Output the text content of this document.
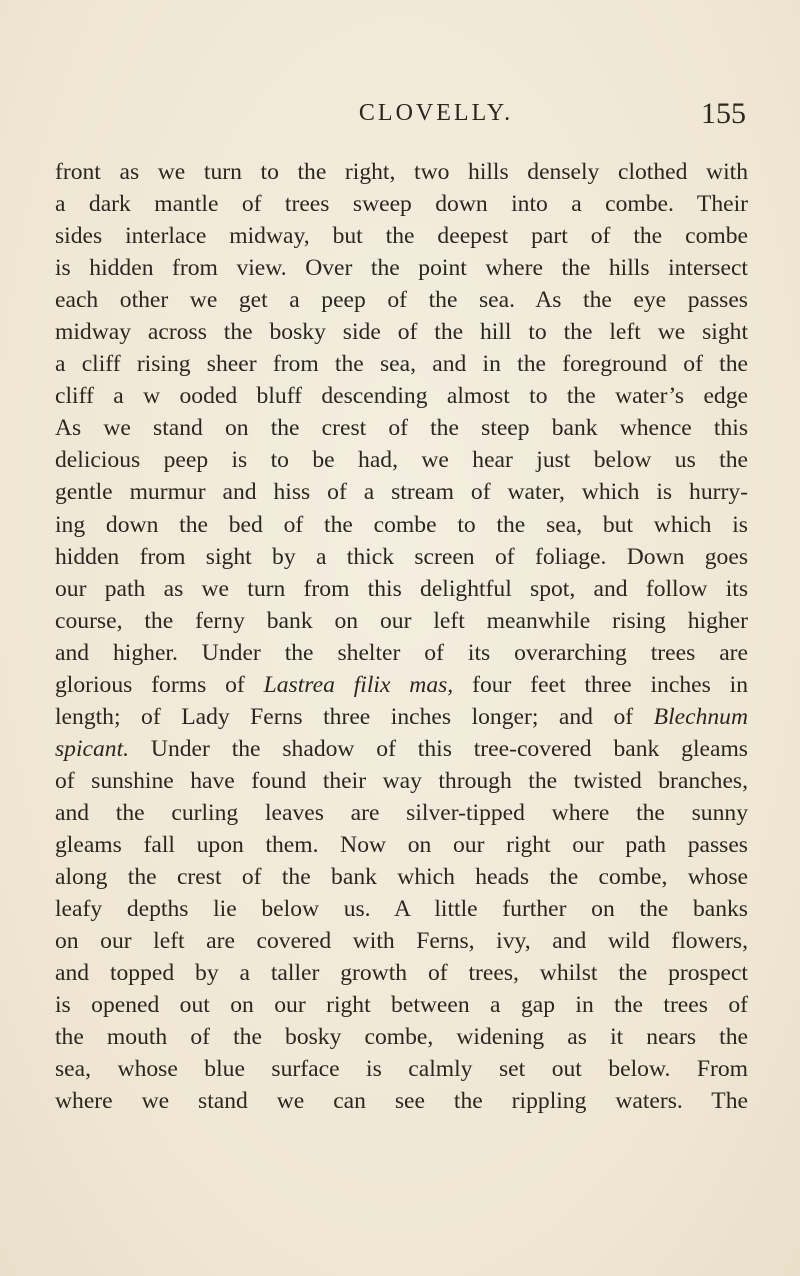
CLOVELLY.	155
front as we turn to the right, two hills densely clothed with
a dark mantle of trees sweep down into a combe. Their
sides interlace midway, but the deepest part of the combe
is hidden from view. Over the point where the hills intersect
each other we get a peep of the sea. As the eye passes
midway across the bosky side of the hill to the left we sight
a cliff rising sheer from the sea, and in the foreground of the
cliff a w ooded bluff descending almost to the water’s edge
As we stand on the crest of the steep bank whence this
delicious peep is to be had, we hear just below us the
gentle murmur and hiss of a stream of water, which is hurry-
ing down the bed of the combe to the sea, but which is
hidden from sight by a thick screen of foliage. Down goes
our path as we turn from this delightful spot, and follow its
course, the ferny bank on our left meanwhile rising higher
and higher. Under the shelter of its overarching trees are
glorious forms of Lastrea filix mas, four feet three inches in
length; of Lady Ferns three inches longer; and of Blechnum
spicant. Under the shadow of this tree-covered bank gleams
of sunshine have found their way through the twisted branches,
and the curling leaves are silver-tipped where the sunny
gleams fall upon them. Now on our right our path passes
along the crest of the bank which heads the combe, whose
leafy depths lie below us. A little further on the banks
on our left are covered with Ferns, ivy, and wild flowers,
and topped by a taller growth of trees, whilst the prospect
is opened out on our right between a gap in the trees of
the mouth of the bosky combe, widening as it nears the
sea, whose blue surface is calmly set out below. From
where we stand we can see the rippling waters. The
